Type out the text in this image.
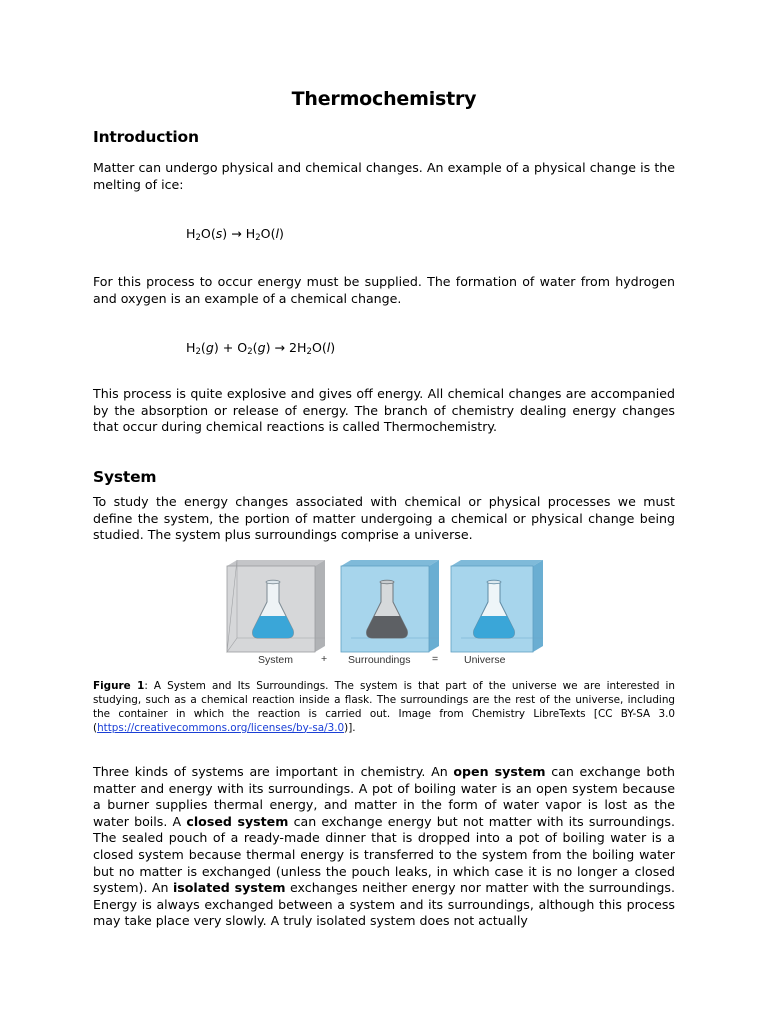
Thermochemistry
Introduction

Matter can undergo physical and chemical changes. An example of a physical change is the melting of ice:

$H_2O(s) \to H_2O(l)$

For this process to occur energy must be supplied. The formation of water from hydrogen and oxygen is an example of a chemical change.

$H_2(g) + O_2(g) \to 2H_2O(l)$

This process is quite explosive and gives off energy. All chemical changes are accompanied by the absorption or release of energy. The branch of chemistry dealing energy changes that occur during chemical reactions is called Thermochemistry.

System

To study the energy changes associated with chemical or physical processes we must define the system, the portion of matter undergoing a chemical or physical change being studied. The system plus surroundings comprise a universe.

System	+ Surroundings = Universe

Figure 1: A System and Its Surroundings. The system is that part of the universe we are interested in studying, such as a chemical reaction inside a flask. The surroundings are the rest of the universe, including the container in which the reaction is carried out. Image from Chemistry LibreTexts [CC BY-SA 3.0 (https://creativecommons.org/licenses/by-sa/3.0)].

Three kinds of systems are important in chemistry. An open system can exchange both matter and energy with its surroundings. A pot of boiling water is an open system because a burner supplies thermal energy, and matter in the form of water vapor is lost as the water boils. A closed system can exchange energy but not matter with its surroundings. The sealed pouch of a ready-made dinner that is dropped into a pot of boiling water is a closed system because thermal energy is transferred to the system from the boiling water but no matter is exchanged (unless the pouch leaks, in which case it is no longer a closed system). An isolated system exchanges neither energy nor matter with the surroundings. Energy is always exchanged between a system and its surroundings, although this process may take place very slowly. A truly isolated system does not actually
